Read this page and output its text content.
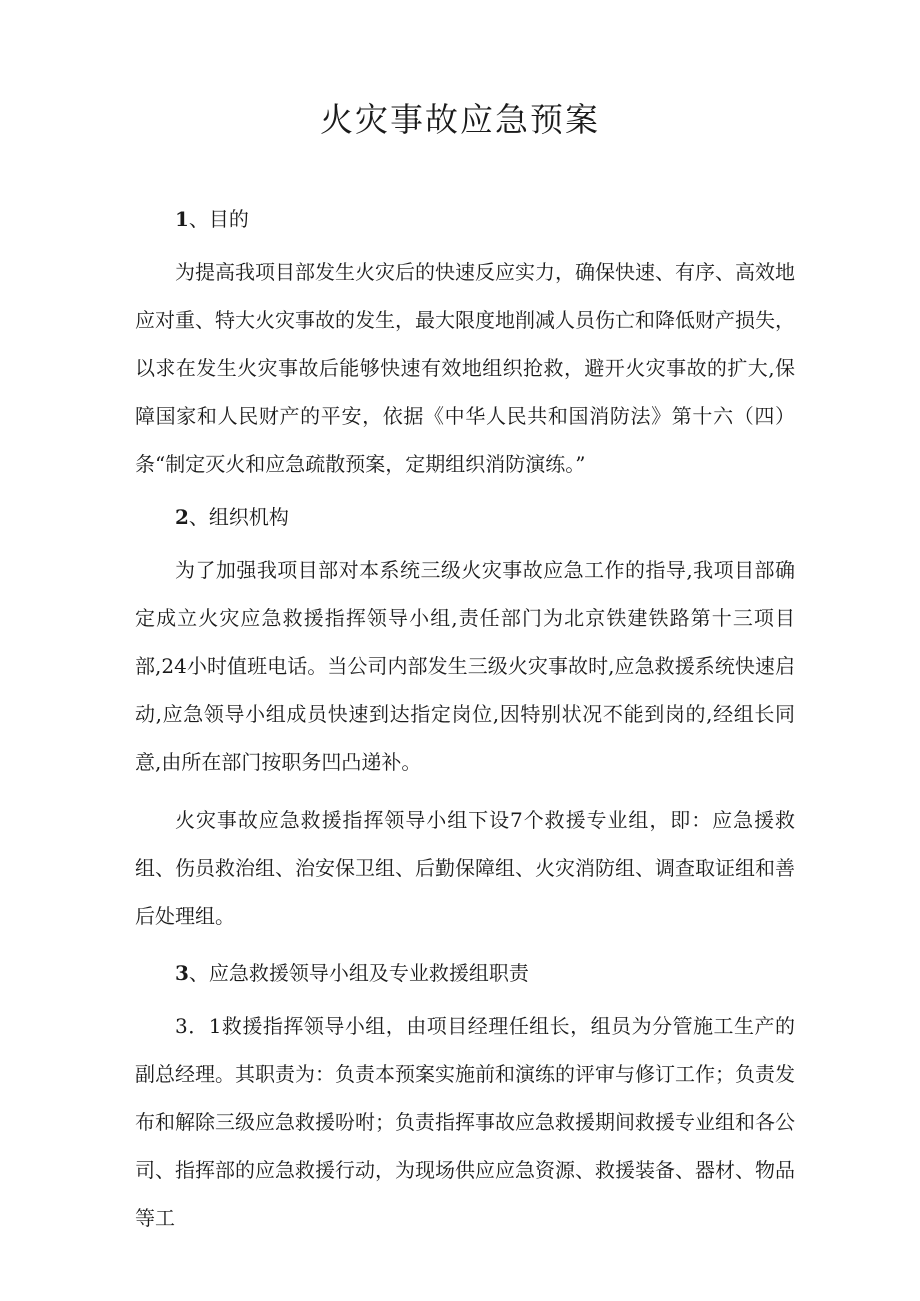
火灾事故应急预案
1、目的

为提高我项目部发生火灾后的快速反应实力，确保快速、有序、高效地应对重、特大火灾事故的发生，最大限度地削减人员伤亡和降低财产损失，以求在发生火灾事故后能够快速有效地组织抢救，避开火灾事故的扩大,保障国家和人民财产的平安，依据《中华人民共和国消防法》第十六（四）条“制定灭火和应急疏散预案，定期组织消防演练。”

2、组织机构

为了加强我项目部对本系统三级火灾事故应急工作的指导,我项目部确定成立火灾应急救援指挥领导小组,责任部门为北京铁建铁路第十三项目部,24小时值班电话。当公司内部发生三级火灾事故时,应急救援系统快速启动,应急领导小组成员快速到达指定岗位,因特别状况不能到岗的,经组长同意,由所在部门按职务凹凸递补。

火灾事故应急救援指挥领导小组下设7个救援专业组，即：应急援救组、伤员救治组、治安保卫组、后勤保障组、火灾消防组、调查取证组和善后处理组。

3、应急救援领导小组及专业救援组职责

3．1救援指挥领导小组，由项目经理任组长，组员为分管施工生产的副总经理。其职责为：负责本预案实施前和演练的评审与修订工作；负责发布和解除三级应急救援吩咐；负责指挥事故应急救援期间救援专业组和各公司、指挥部的应急救援行动，为现场供应应急资源、救援装备、器材、物品等工
